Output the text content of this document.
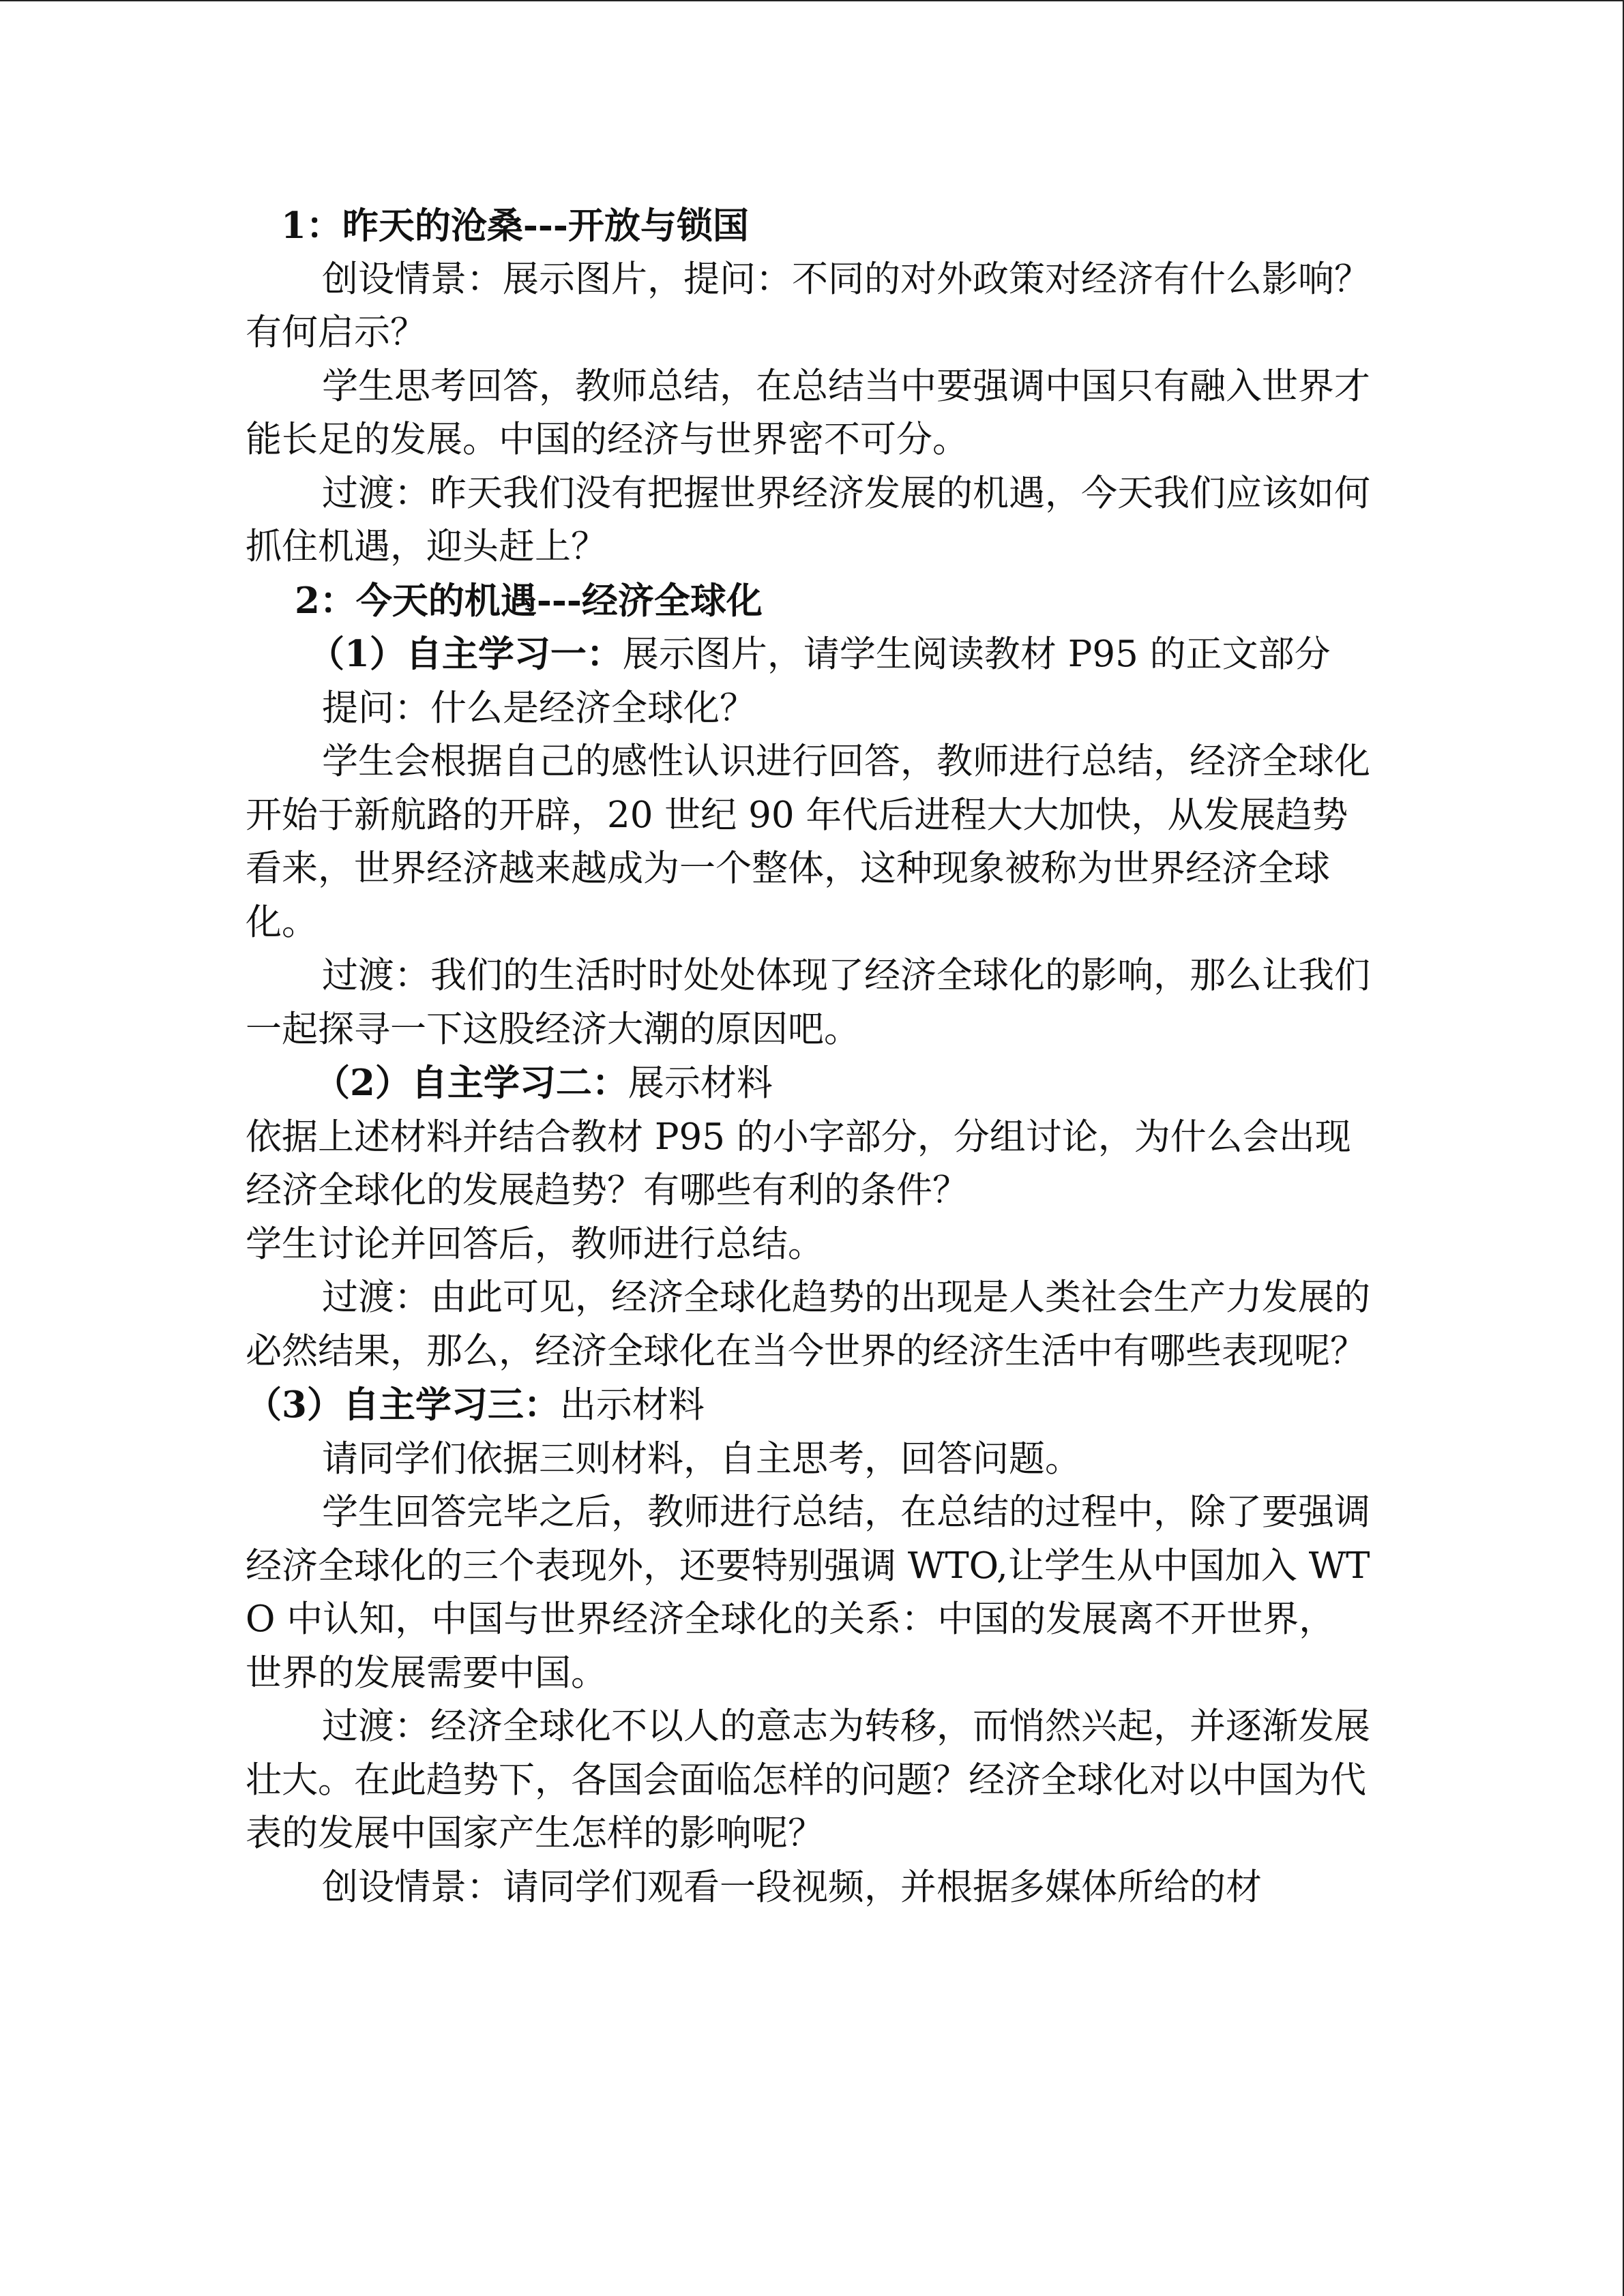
1：昨天的沧桑---开放与锁国

创设情景：展示图片，提问：不同的对外政策对经济有什么影响？有何启示？

学生思考回答，教师总结，在总结当中要强调中国只有融入世界才能长足的发展。中国的经济与世界密不可分。

过渡：昨天我们没有把握世界经济发展的机遇，今天我们应该如何抓住机遇，迎头赶上？

2：今天的机遇---经济全球化

（1）自主学习一：展示图片，请学生阅读教材 P95 的正文部分

提问：什么是经济全球化？

学生会根据自己的感性认识进行回答，教师进行总结，经济全球化开始于新航路的开辟，20 世纪 90 年代后进程大大加快，从发展趋势看来，世界经济越来越成为一个整体，这种现象被称为世界经济全球化。

过渡：我们的生活时时处处体现了经济全球化的影响，那么让我们一起探寻一下这股经济大潮的原因吧。

（2）自主学习二：展示材料

依据上述材料并结合教材 P95 的小字部分，分组讨论，为什么会出现经济全球化的发展趋势？有哪些有利的条件？

学生讨论并回答后，教师进行总结。

过渡：由此可见，经济全球化趋势的出现是人类社会生产力发展的必然结果，那么，经济全球化在当今世界的经济生活中有哪些表现呢？

（3）自主学习三：出示材料

请同学们依据三则材料，自主思考，回答问题。

学生回答完毕之后，教师进行总结，在总结的过程中，除了要强调经济全球化的三个表现外，还要特别强调 WTO,让学生从中国加入 WTO 中认知，中国与世界经济全球化的关系：中国的发展离不开世界，世界的发展需要中国。

过渡：经济全球化不以人的意志为转移，而悄然兴起，并逐渐发展壮大。在此趋势下，各国会面临怎样的问题？经济全球化对以中国为代表的发展中国家产生怎样的影响呢？

创设情景：请同学们观看一段视频，并根据多媒体所给的材
